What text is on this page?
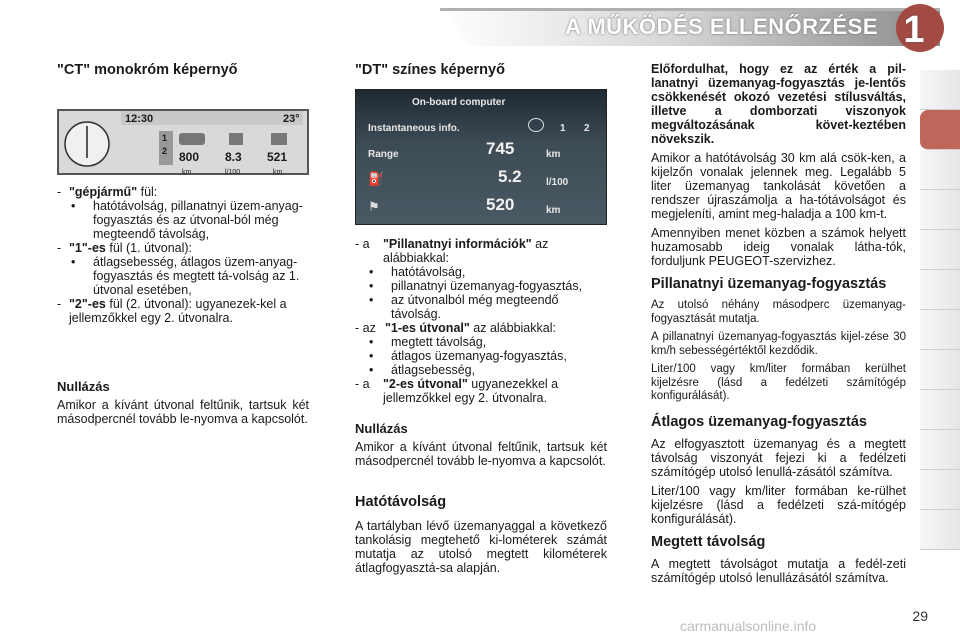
A MŰKÖDÉS ELLENŐRZÉSE 1
"CT" monokróm képernyő
12:30	23°
1
2 800 8.3 521
km	l/100	km
- "gépjármű" fül:
• hatótávolság, pillanatnyi üzem-anyag-fogyasztás és az útvonal-ból még megteendő távolság,
- "1"-es fül (1. útvonal):
• átlagsebesség, átlagos üzem-anyag-fogyasztás és megtett tá-volság az 1. útvonal esetében,
- "2"-es fül (2. útvonal): ugyanezek-kel a jellemzőkkel egy 2. útvonalra.
Nullázás

Amikor a kívánt útvonal feltűnik, tartsuk két másodpercnél tovább le-nyomva a kapcsolót.

"DT" színes képernyő
On-board computer
Instantaneous info.	1 2
Range	745	km
⛽	5.2 l/100
⚑	520	km
- a "Pillanatnyi információk" az alábbiakkal:
• hatótávolság,
• pillanatnyi üzemanyag-fogyasztás,
• az útvonalból még megteendő távolság.
- az "1-es útvonal" az alábbiakkal:
• megtett távolság,
• átlagos üzemanyag-fogyasztás,
• átlagsebesség,
- a "2-es útvonal" ugyanezekkel a jellemzőkkel egy 2. útvonalra.
Nullázás

Amikor a kívánt útvonal feltűnik, tartsuk két másodpercnél tovább le-nyomva a kapcsolót.

Hatótávolság

A tartályban lévő üzemanyaggal a következő tankolásig megtehető ki-lométerek számát mutatja az utolsó megtett kilométerek átlagfogyasztá-sa alapján.

Előfordulhat, hogy ez az érték a pil-lanatnyi üzemanyag-fogyasztás je-lentős csökkenését okozó vezetési stílusváltás, illetve a domborzati viszonyok megváltozásának követ-keztében növekszik.

Amikor a hatótávolság 30 km alá csök-ken, a kijelzőn vonalak jelennek meg. Legalább 5 liter üzemanyag tankolását követően a rendszer újraszámolja a ha-tótávolságot és megjeleníti, amint meg-haladja a 100 km-t.

Amennyiben menet közben a számok helyett huzamosabb ideig vonalak látha-tók, forduljunk PEUGEOT-szervizhez.

Pillanatnyi üzemanyag-fogyasztás

Az utolsó néhány másodperc üzemanyag-fogyasztását mutatja.

A pillanatnyi üzemanyag-fogyasztás kijel-zése 30 km/h sebességértéktől kezdődik.

Liter/100 vagy km/liter formában kerülhet kijelzésre (lásd a fedélzeti számítógép konfigurálását).

Átlagos üzemanyag-fogyasztás

Az elfogyasztott üzemanyag és a megtett távolság viszonyát fejezi ki a fedélzeti számítógép utolsó lenullá-zásától számítva.

Liter/100 vagy km/liter formában ke-rülhet kijelzésre (lásd a fedélzeti szá-mítógép konfigurálását).

Megtett távolság

A megtett távolságot mutatja a fedél-zeti számítógép utolsó lenullázásától számítva.

carmanualsonline.info
29
